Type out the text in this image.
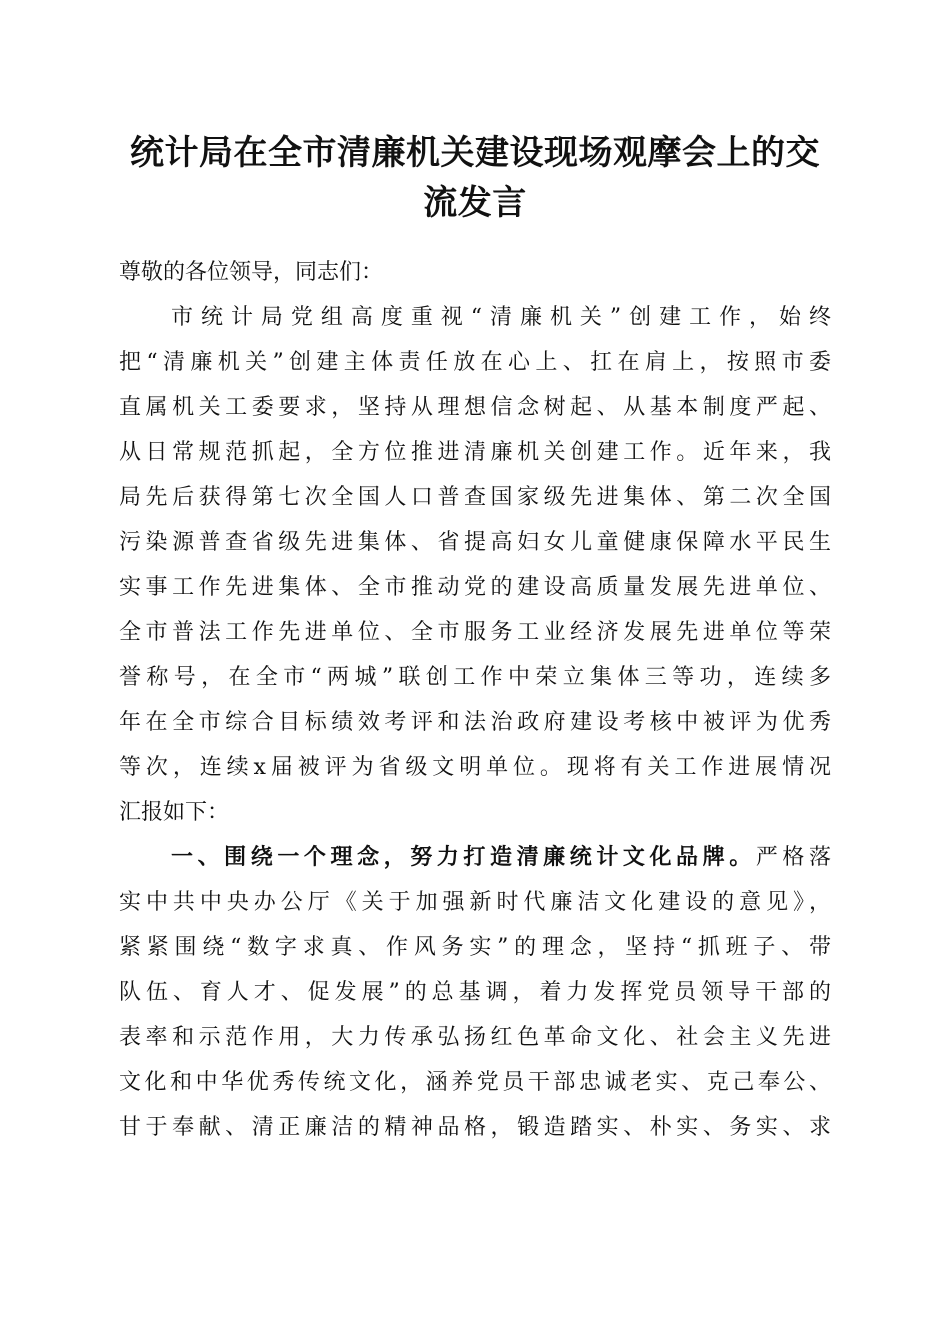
统计局在全市清廉机关建设现场观摩会上的交
流发言
尊敬的各位领导，同志们：
市统计局党组高度重视“清廉机关”创建工作，始终
把“清廉机关”创建主体责任放在心上、扛在肩上，按照市委
直属机关工委要求，坚持从理想信念树起、从基本制度严起、
从日常规范抓起，全方位推进清廉机关创建工作。近年来，我
局先后获得第七次全国人口普查国家级先进集体、第二次全国
污染源普查省级先进集体、省提高妇女儿童健康保障水平民生
实事工作先进集体、全市推动党的建设高质量发展先进单位、
全市普法工作先进单位、全市服务工业经济发展先进单位等荣
誉称号，在全市“两城”联创工作中荣立集体三等功，连续多
年在全市综合目标绩效考评和法治政府建设考核中被评为优秀
等次，连续x届被评为省级文明单位。现将有关工作进展情况
汇报如下：
一、围绕一个理念，努力打造清廉统计文化品牌。严格落
实中共中央办公厅《关于加强新时代廉洁文化建设的意见》，
紧紧围绕“数字求真、作风务实”的理念，坚持“抓班子、带
队伍、育人才、促发展”的总基调，着力发挥党员领导干部的
表率和示范作用，大力传承弘扬红色革命文化、社会主义先进
文化和中华优秀传统文化，涵养党员干部忠诚老实、克己奉公、
甘于奉献、清正廉洁的精神品格，锻造踏实、朴实、务实、求
